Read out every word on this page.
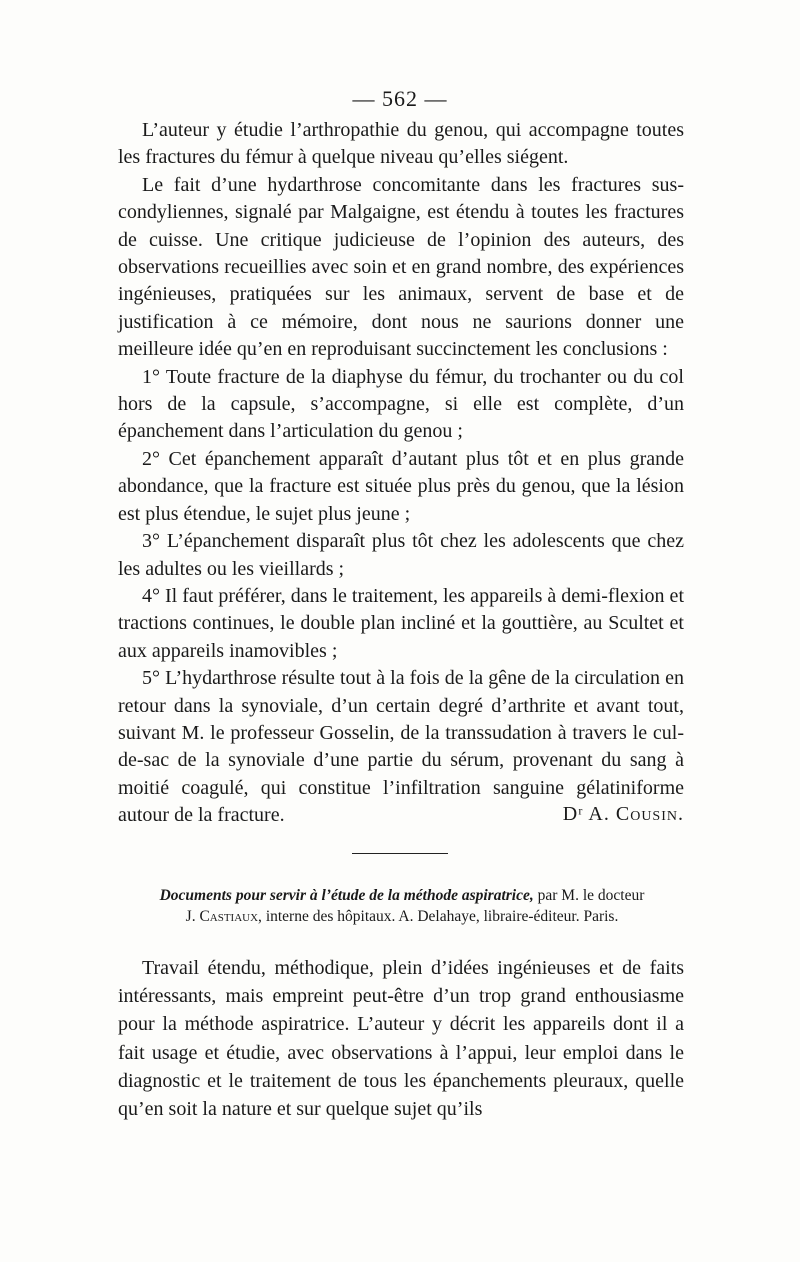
— 562 —

L’auteur y étudie l’arthropathie du genou, qui accompagne toutes les fractures du fémur à quelque niveau qu’elles siégent.

Le fait d’une hydarthrose concomitante dans les fractures sus-condyliennes, signalé par Malgaigne, est étendu à toutes les fractures de cuisse. Une critique judicieuse de l’opinion des auteurs, des observations recueillies avec soin et en grand nombre, des expériences ingénieuses, pratiquées sur les animaux, servent de base et de justification à ce mémoire, dont nous ne saurions donner une meilleure idée qu’en en reproduisant succinctement les conclusions :

1° Toute fracture de la diaphyse du fémur, du trochanter ou du col hors de la capsule, s’accompagne, si elle est complète, d’un épanchement dans l’articulation du genou ;

2° Cet épanchement apparaît d’autant plus tôt et en plus grande abondance, que la fracture est située plus près du genou, que la lésion est plus étendue, le sujet plus jeune ;

3° L’épanchement disparaît plus tôt chez les adolescents que chez les adultes ou les vieillards ;

4° Il faut préférer, dans le traitement, les appareils à demi-flexion et tractions continues, le double plan incliné et la gouttière, au Scultet et aux appareils inamovibles ;

5° L’hydarthrose résulte tout à la fois de la gêne de la circulation en retour dans la synoviale, d’un certain degré d’arthrite et avant tout, suivant M. le professeur Gosselin, de la transsudation à travers le cul-de-sac de la synoviale d’une partie du sérum, provenant du sang à moitié coagulé, qui constitue l’infiltration sanguine gélatiniforme autour de la fracture.	Dʳ A. Cousin.
Documents pour servir à l’étude de la méthode aspiratrice, par M. le docteur
J. Castiaux, interne des hôpitaux. A. Delahaye, libraire-éditeur. Paris.

Travail étendu, méthodique, plein d’idées ingénieuses et de faits intéressants, mais empreint peut-être d’un trop grand enthousiasme pour la méthode aspiratrice. L’auteur y décrit les appareils dont il a fait usage et étudie, avec observations à l’appui, leur emploi dans le diagnostic et le traitement de tous les épanchements pleuraux, quelle qu’en soit la nature et sur quelque sujet qu’ils
